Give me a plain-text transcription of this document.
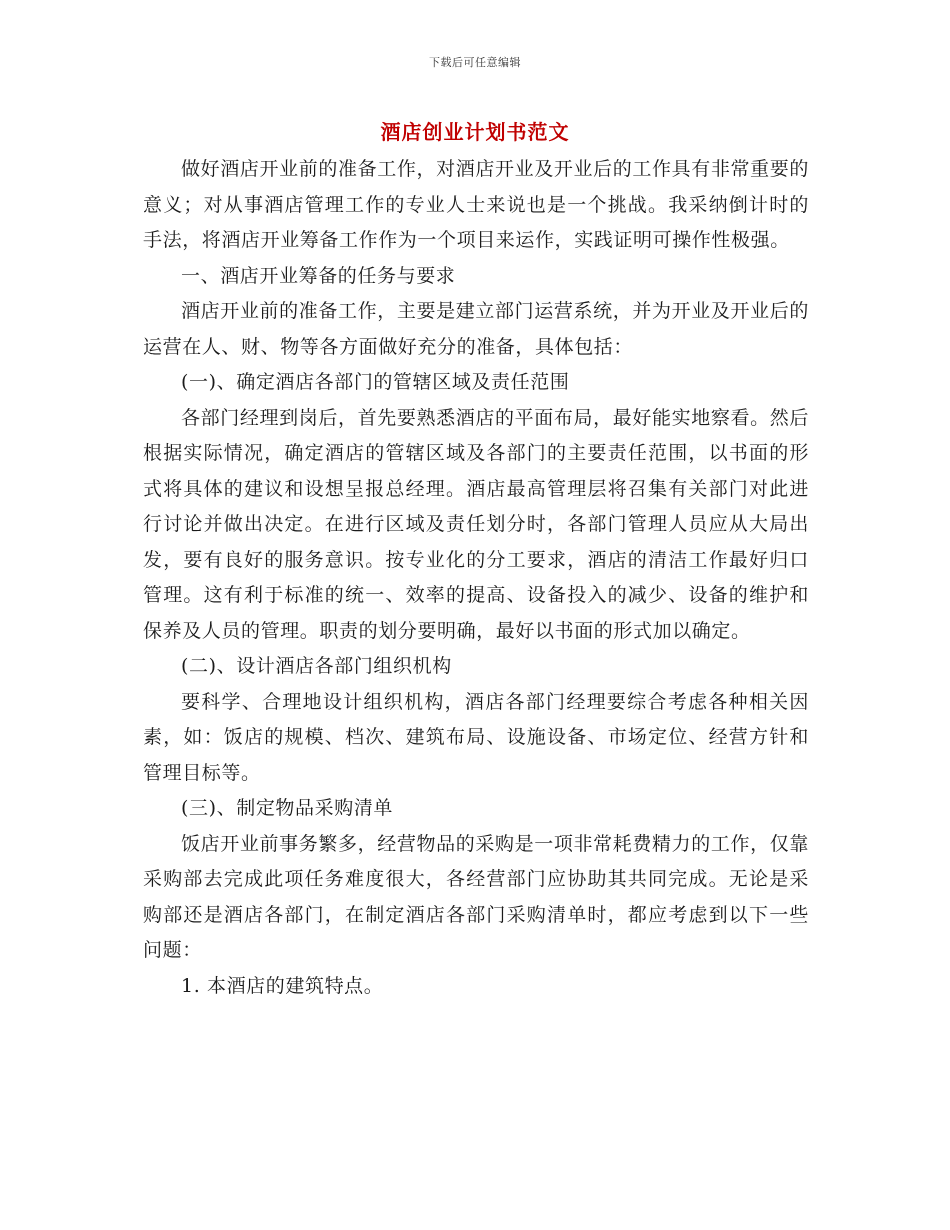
下载后可任意编辑
酒店创业计划书范文

做好酒店开业前的准备工作，对酒店开业及开业后的工作具有非常重要的意义；对从事酒店管理工作的专业人士来说也是一个挑战。我采纳倒计时的手法，将酒店开业筹备工作作为一个项目来运作，实践证明可操作性极强。

一、酒店开业筹备的任务与要求

酒店开业前的准备工作，主要是建立部门运营系统，并为开业及开业后的运营在人、财、物等各方面做好充分的准备，具体包括：

(一)、确定酒店各部门的管辖区域及责任范围

各部门经理到岗后，首先要熟悉酒店的平面布局，最好能实地察看。然后根据实际情况，确定酒店的管辖区域及各部门的主要责任范围，以书面的形式将具体的建议和设想呈报总经理。酒店最高管理层将召集有关部门对此进行讨论并做出决定。在进行区域及责任划分时，各部门管理人员应从大局出发，要有良好的服务意识。按专业化的分工要求，酒店的清洁工作最好归口管理。这有利于标准的统一、效率的提高、设备投入的减少、设备的维护和保养及人员的管理。职责的划分要明确，最好以书面的形式加以确定。

(二)、设计酒店各部门组织机构

要科学、合理地设计组织机构，酒店各部门经理要综合考虑各种相关因素，如：饭店的规模、档次、建筑布局、设施设备、市场定位、经营方针和管理目标等。

(三)、制定物品采购清单

饭店开业前事务繁多，经营物品的采购是一项非常耗费精力的工作，仅靠采购部去完成此项任务难度很大，各经营部门应协助其共同完成。无论是采购部还是酒店各部门，在制定酒店各部门采购清单时，都应考虑到以下一些问题：

1. 本酒店的建筑特点。
